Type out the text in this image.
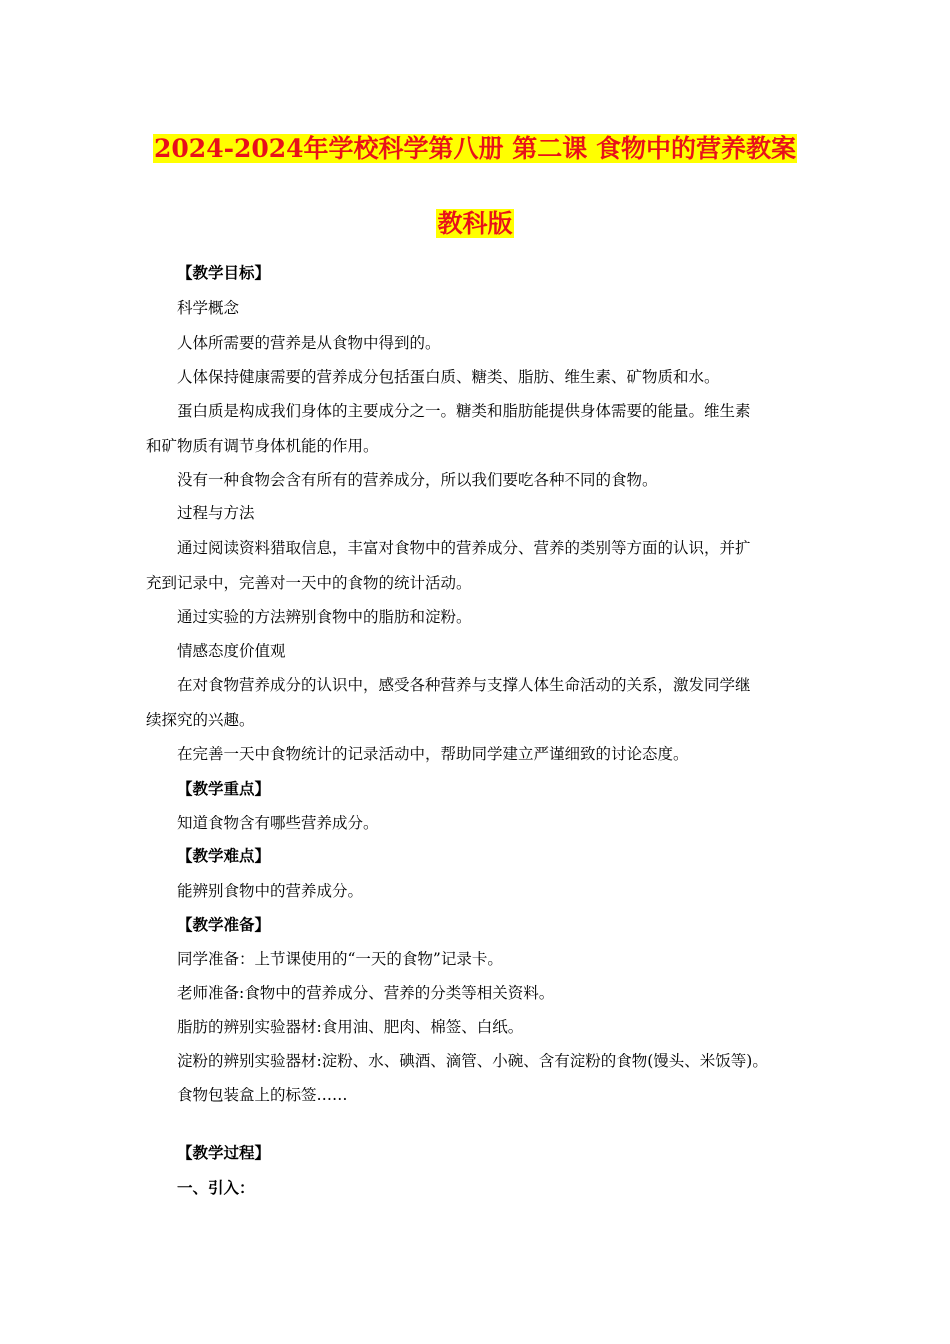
2024-2024年学校科学第八册 第二课 食物中的营养教案
教科版
【教学目标】
科学概念
人体所需要的营养是从食物中得到的。
人体保持健康需要的营养成分包括蛋白质、糖类、脂肪、维生素、矿物质和水。
蛋白质是构成我们身体的主要成分之一。糖类和脂肪能提供身体需要的能量。维生素
和矿物质有调节身体机能的作用。
没有一种食物会含有所有的营养成分，所以我们要吃各种不同的食物。
过程与方法
通过阅读资料猎取信息，丰富对食物中的营养成分、营养的类别等方面的认识，并扩
充到记录中，完善对一天中的食物的统计活动。
通过实验的方法辨别食物中的脂肪和淀粉。
情感态度价值观
在对食物营养成分的认识中，感受各种营养与支撑人体生命活动的关系，激发同学继
续探究的兴趣。
在完善一天中食物统计的记录活动中，帮助同学建立严谨细致的讨论态度。
【教学重点】
知道食物含有哪些营养成分。
【教学难点】
能辨别食物中的营养成分。
【教学准备】
同学准备：上节课使用的“一天的食物”记录卡。
老师准备:食物中的营养成分、营养的分类等相关资料。
脂肪的辨别实验器材:食用油、肥肉、棉签、白纸。
淀粉的辨别实验器材:淀粉、水、碘酒、滴管、小碗、含有淀粉的食物(馒头、米饭等)。
食物包装盒上的标签……
【教学过程】
一、引入：
